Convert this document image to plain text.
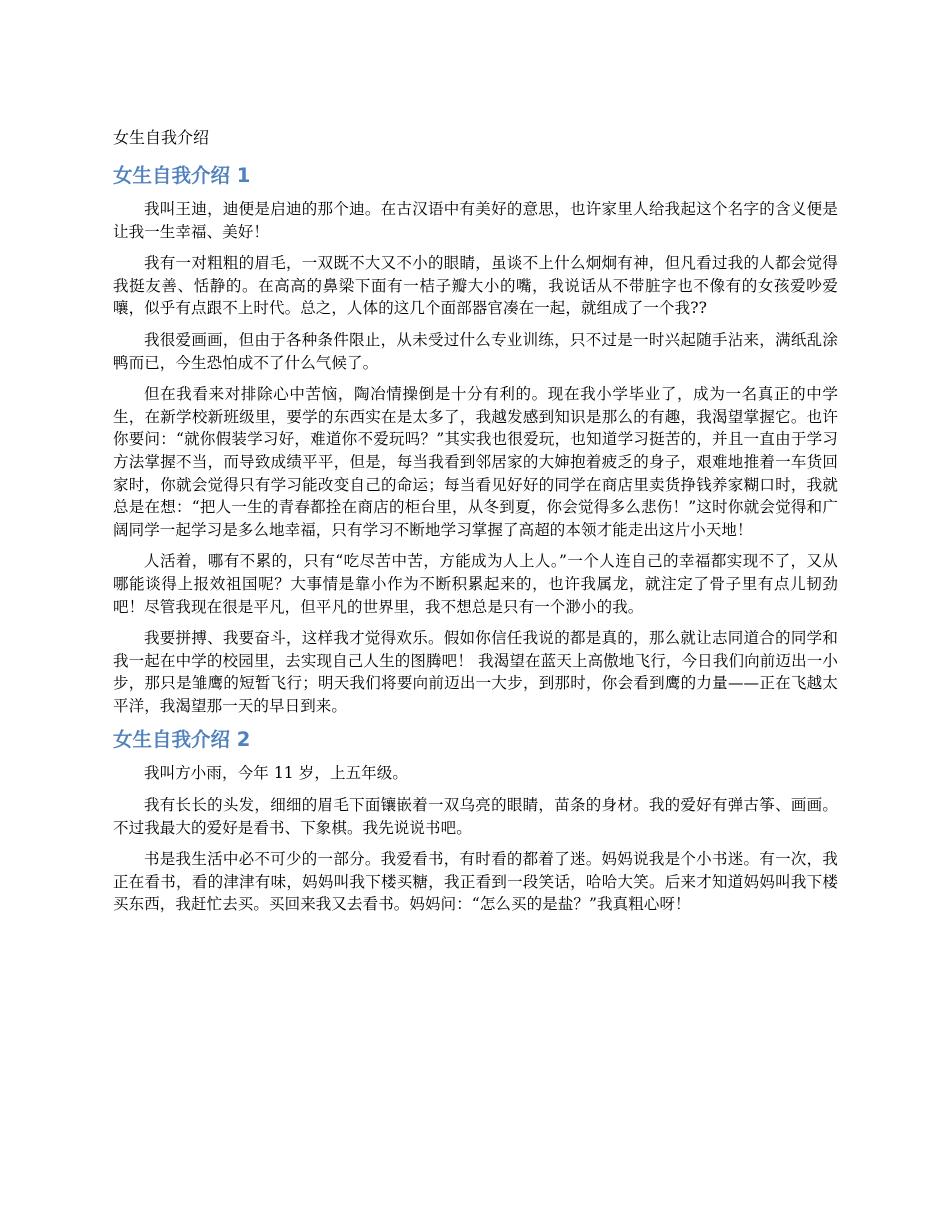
女生自我介绍
女生自我介绍 1

我叫王迪，迪便是启迪的那个迪。在古汉语中有美好的意思，也许家里人给我起这个名字的含义便是让我一生幸福、美好！

我有一对粗粗的眉毛，一双既不大又不小的眼睛，虽谈不上什么炯炯有神，但凡看过我的人都会觉得我挺友善、恬静的。在高高的鼻梁下面有一桔子瓣大小的嘴，我说话从不带脏字也不像有的女孩爱吵爱嚷，似乎有点跟不上时代。总之，人体的这几个面部器官凑在一起，就组成了一个我??

我很爱画画，但由于各种条件限止，从未受过什么专业训练，只不过是一时兴起随手沾来，满纸乱涂鸭而已，今生恐怕成不了什么气候了。

但在我看来对排除心中苦恼，陶冶情操倒是十分有利的。现在我小学毕业了，成为一名真正的中学生，在新学校新班级里，要学的东西实在是太多了，我越发感到知识是那么的有趣，我渴望掌握它。也许你要问：“就你假装学习好，难道你不爱玩吗？”其实我也很爱玩，也知道学习挺苦的，并且一直由于学习方法掌握不当，而导致成绩平平，但是，每当我看到邻居家的大婶抱着疲乏的身子，艰难地推着一车货回家时，你就会觉得只有学习能改变自己的命运；每当看见好好的同学在商店里卖货挣钱养家糊口时，我就总是在想：“把人一生的青春都拴在商店的柜台里，从冬到夏，你会觉得多么悲伤！”这时你就会觉得和广阔同学一起学习是多么地幸福，只有学习不断地学习掌握了高超的本领才能走出这片小天地！

人活着，哪有不累的，只有“吃尽苦中苦，方能成为人上人。”一个人连自己的幸福都实现不了，又从哪能谈得上报效祖国呢？大事情是靠小作为不断积累起来的，也许我属龙，就注定了骨子里有点儿韧劲吧！尽管我现在很是平凡，但平凡的世界里，我不想总是只有一个渺小的我。

我要拼搏、我要奋斗，这样我才觉得欢乐。假如你信任我说的都是真的，那么就让志同道合的同学和我一起在中学的校园里，去实现自己人生的图腾吧！ 我渴望在蓝天上高傲地飞行，今日我们向前迈出一小步，那只是雏鹰的短暂飞行；明天我们将要向前迈出一大步，到那时，你会看到鹰的力量——正在飞越太平洋，我渴望那一天的早日到来。

女生自我介绍 2

我叫方小雨，今年 11 岁，上五年级。

我有长长的头发，细细的眉毛下面镶嵌着一双乌亮的眼睛，苗条的身材。我的爱好有弹古筝、画画。不过我最大的爱好是看书、下象棋。我先说说书吧。

书是我生活中必不可少的一部分。我爱看书，有时看的都着了迷。妈妈说我是个小书迷。有一次，我正在看书，看的津津有味，妈妈叫我下楼买糖，我正看到一段笑话，哈哈大笑。后来才知道妈妈叫我下楼买东西，我赶忙去买。买回来我又去看书。妈妈问：“怎么买的是盐？”我真粗心呀！
